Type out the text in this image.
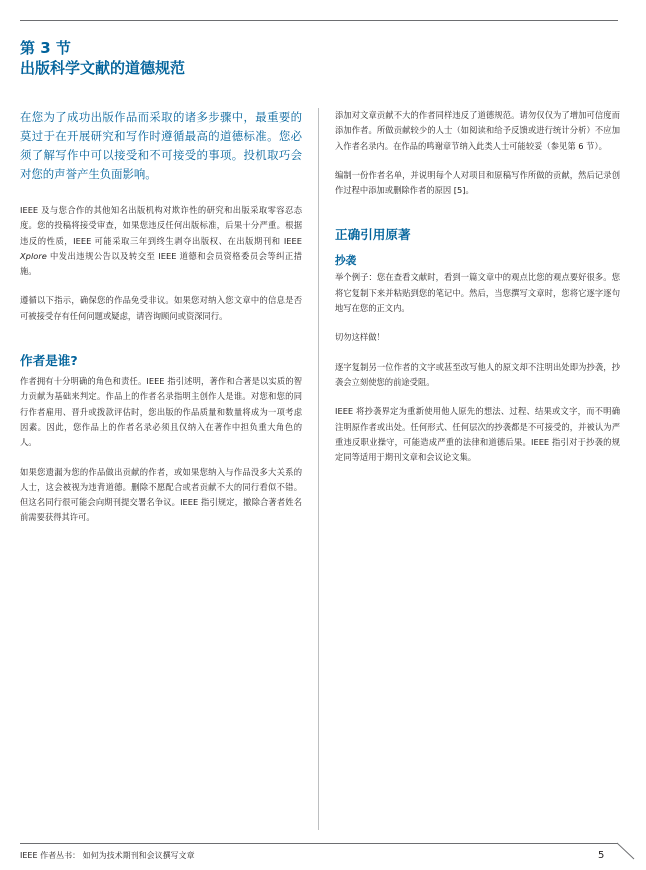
第 3 节
出版科学文献的道德规范

在您为了成功出版作品而采取的诸多步骤中，最重要的莫过于在开展研究和写作时遵循最高的道德标准。您必须了解写作中可以接受和不可接受的事项。投机取巧会对您的声誉产生负面影响。

IEEE 及与您合作的其他知名出版机构对欺诈性的研究和出版采取零容忍态度。您的投稿将接受审查，如果您违反任何出版标准，后果十分严重。根据违反的性质，IEEE 可能采取三年到终生剥夺出版权、在出版期刊和 IEEE Xplore 中发出违规公告以及转交至 IEEE 道德和会员资格委员会等纠正措施。

遵循以下指示，确保您的作品免受非议。如果您对纳入您文章中的信息是否可被接受存有任何问题或疑虑，请咨询顾问或资深同行。

作者是谁?

作者拥有十分明确的角色和责任。IEEE 指引述明，著作和合著是以实质的智力贡献为基础来判定。作品上的作者名录指明主创作人是谁。对您和您的同行作者雇用、晋升或拨款评估时，您出版的作品质量和数量将成为一项考虑因素。因此，您作品上的作者名录必须且仅纳入在著作中担负重大角色的人。

如果您遗漏为您的作品做出贡献的作者，或如果您纳入与作品没多大关系的人士，这会被视为违背道德。删除不愿配合或者贡献不大的同行看似不错。但这名同行很可能会向期刊提交署名争议。IEEE 指引规定，撤除合著者姓名前需要获得其许可。

添加对文章贡献不大的作者同样违反了道德规范。请勿仅仅为了增加可信度而添加作者。所做贡献较少的人士（如阅读和给予反馈或进行统计分析）不应加入作者名录内。在作品的鸣谢章节纳入此类人士可能较妥（参见第 6 节）。

编制一份作者名单，并说明每个人对项目和原稿写作所做的贡献，然后记录创作过程中添加或删除作者的原因 [5]。

正确引用原著
抄袭

举个例子：您在查看文献时，看到一篇文章中的观点比您的观点要好很多。您将它复制下来并粘贴到您的笔记中。然后，当您撰写文章时，您将它逐字逐句地写在您的正文内。

切勿这样做！

逐字复制另一位作者的文字或甚至改写他人的原文却不注明出处即为抄袭，抄袭会立刻使您的前途受阻。

IEEE 将抄袭界定为重新使用他人原先的想法、过程、结果或文字，而不明确注明原作者或出处。任何形式、任何层次的抄袭都是不可接受的，并被认为严重违反职业操守，可能造成严重的法律和道德后果。IEEE 指引对于抄袭的规定同等适用于期刊文章和会议论文集。

IEEE 作者丛书： 如何为技术期刊和会议撰写文章	5
